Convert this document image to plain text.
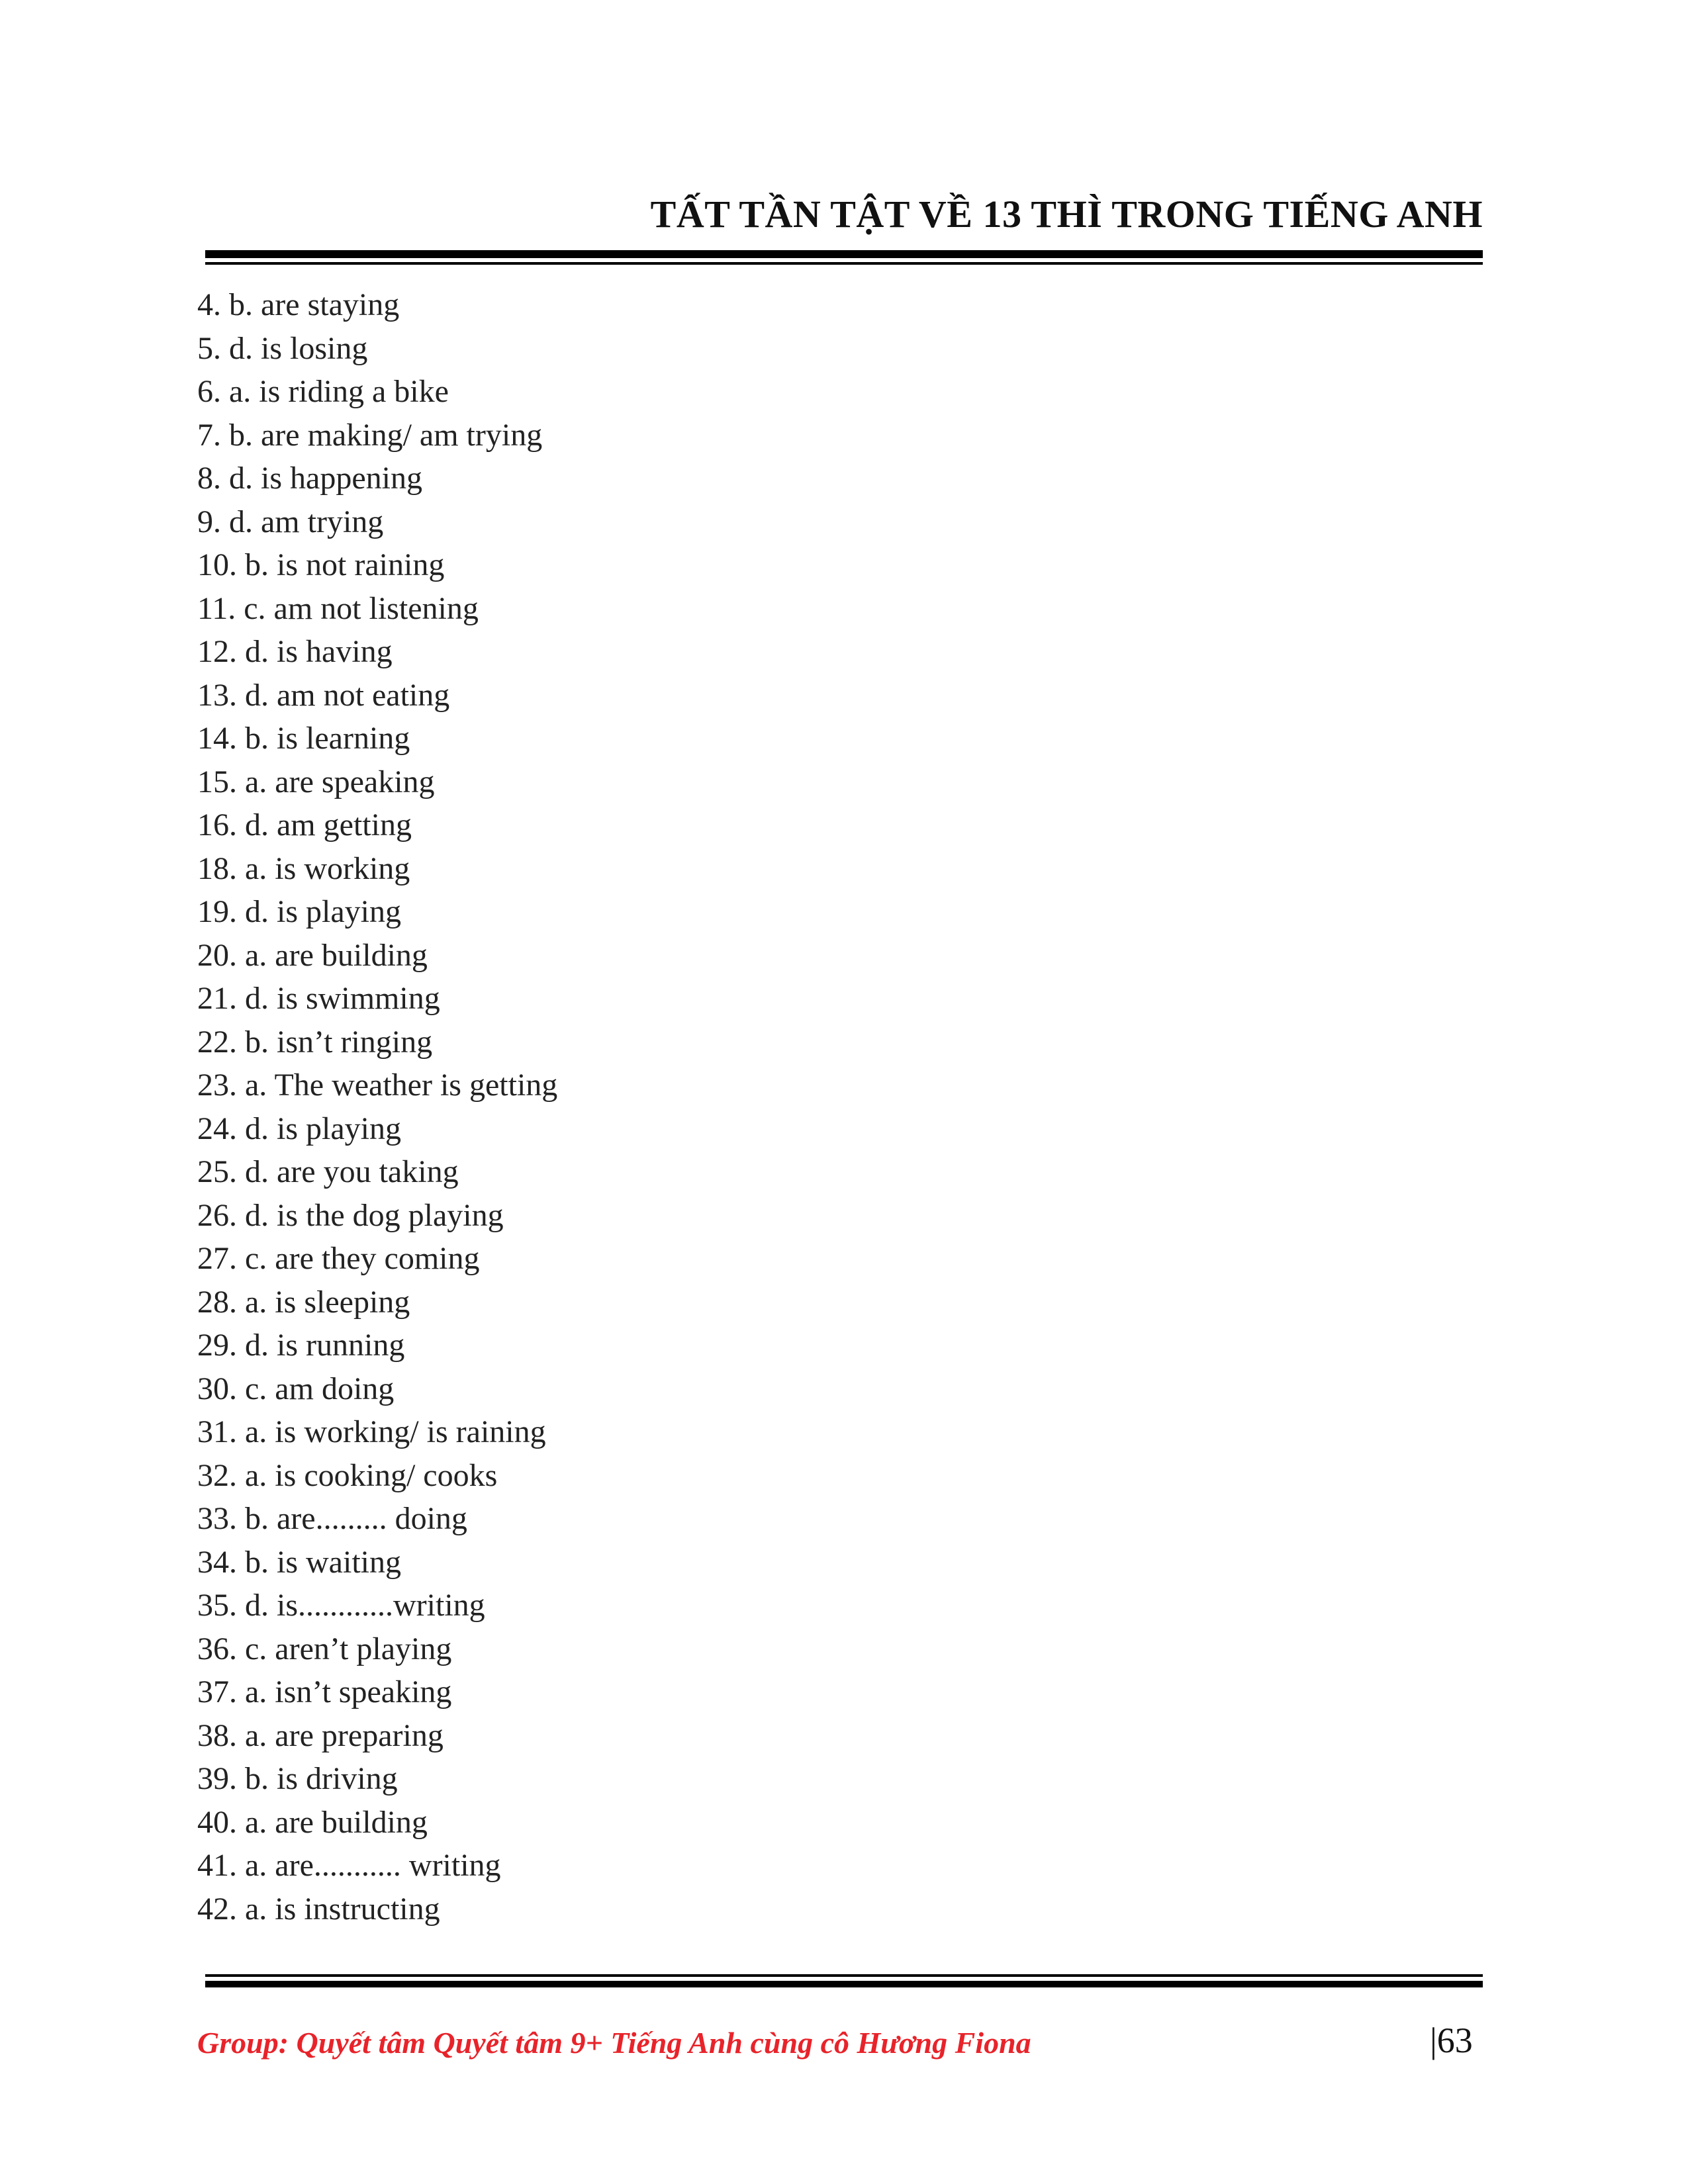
TẤT TẦN TẬT VỀ 13 THÌ TRONG TIẾNG ANH
4. b. are staying
5. d. is losing
6. a. is riding a bike
7. b. are making/ am trying
8. d. is happening
9. d. am trying
10. b. is not raining
11. c. am not listening
12. d. is having
13. d. am not eating
14. b. is learning
15. a. are speaking
16. d. am getting
18. a. is working
19. d. is playing
20. a. are building
21. d. is swimming
22. b. isn’t ringing
23. a. The weather is getting
24. d. is playing
25. d. are you taking
26. d. is the dog playing
27. c. are they coming
28. a. is sleeping
29. d. is running
30. c. am doing
31. a. is working/ is raining
32. a. is cooking/ cooks
33. b. are......... doing
34. b. is waiting
35. d. is............writing
36. c. aren’t playing
37. a. isn’t speaking
38. a. are preparing
39. b. is driving
40. a. are building
41. a. are........... writing
42. a. is instructing
Group: Quyết tâm Quyết tâm 9+ Tiếng Anh cùng cô Hương Fiona	|63
